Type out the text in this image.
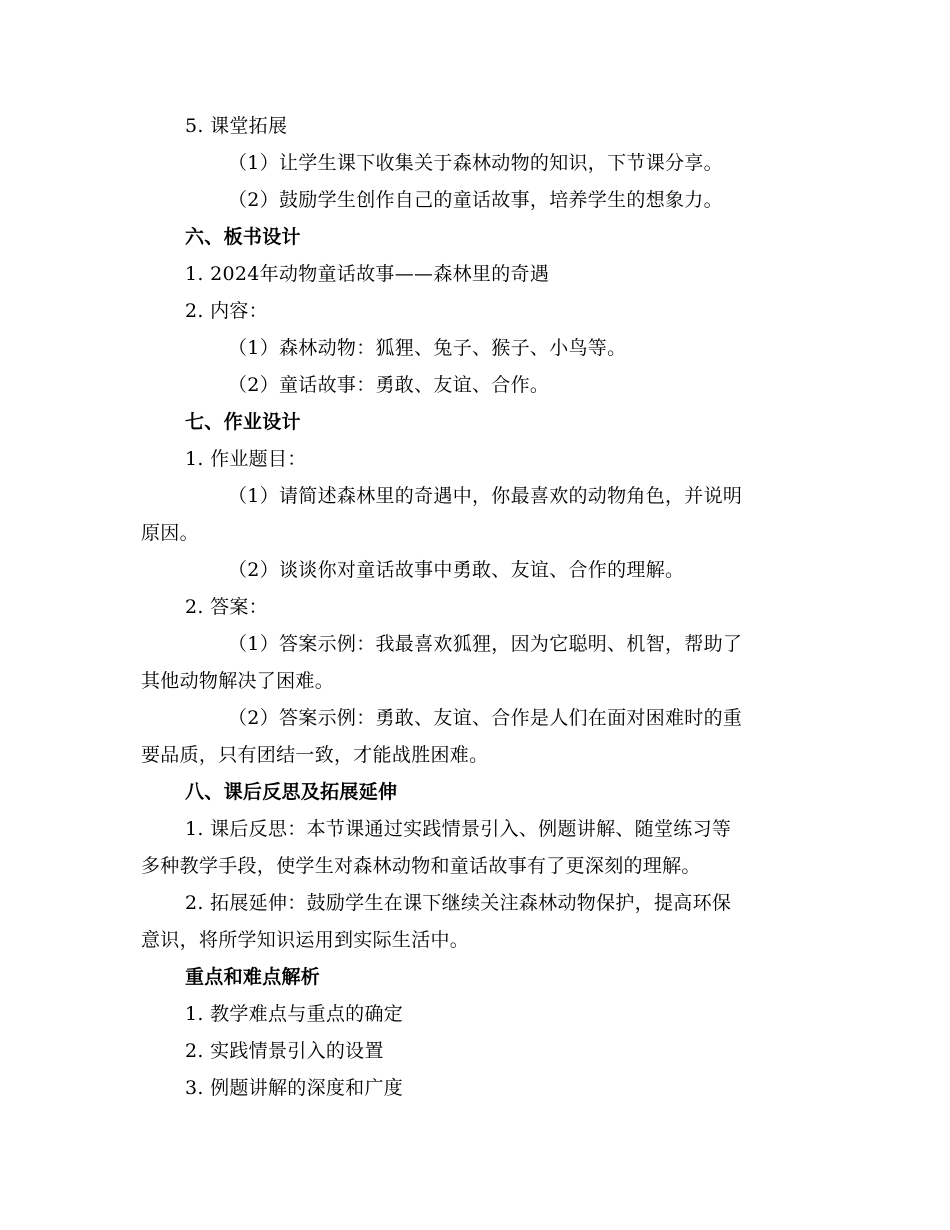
5. 课堂拓展
（1）让学生课下收集关于森林动物的知识，下节课分享。
（2）鼓励学生创作自己的童话故事，培养学生的想象力。
六、板书设计
1. 2024年动物童话故事——森林里的奇遇
2. 内容：
（1）森林动物：狐狸、兔子、猴子、小鸟等。
（2）童话故事：勇敢、友谊、合作。
七、作业设计
1. 作业题目：
（1）请简述森林里的奇遇中，你最喜欢的动物角色，并说明
原因。
（2）谈谈你对童话故事中勇敢、友谊、合作的理解。
2. 答案：
（1）答案示例：我最喜欢狐狸，因为它聪明、机智，帮助了
其他动物解决了困难。
（2）答案示例：勇敢、友谊、合作是人们在面对困难时的重
要品质，只有团结一致，才能战胜困难。
八、课后反思及拓展延伸
1. 课后反思：本节课通过实践情景引入、例题讲解、随堂练习等
多种教学手段，使学生对森林动物和童话故事有了更深刻的理解。
2. 拓展延伸：鼓励学生在课下继续关注森林动物保护，提高环保
意识，将所学知识运用到实际生活中。
重点和难点解析
1. 教学难点与重点的确定
2. 实践情景引入的设置
3. 例题讲解的深度和广度
